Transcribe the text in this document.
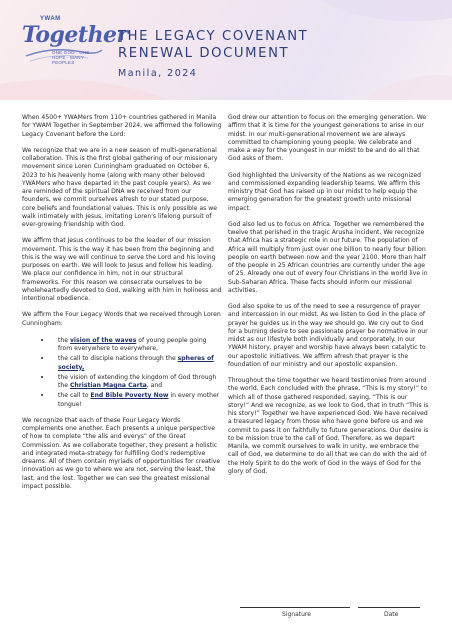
YWAM
Together
ONE GOD · ONE HOPE · MANY PEOPLES
THE LEGACY COVENANT
RENEWAL DOCUMENT

Manila, 2024

When 4500+ YWAMers from 110+ countries gathered in Manila for YWAM Together in September 2024, we affirmed the following Legacy Covenant before the Lord:

We recognize that we are in a new season of multi-generational collaboration. This is the first global gathering of our missionary movement since Loren Cunningham graduated on October 6, 2023 to his heavenly home (along with many other beloved YWAMers who have departed in the past couple years). As we are reminded of the spiritual DNA we received from our founders, we commit ourselves afresh to our stated purpose, core beliefs and foundational values. This is only possible as we walk intimately with Jesus, imitating Loren's lifelong pursuit of ever-growing friendship with God.

We affirm that Jesus continues to be the leader of our mission movement. This is the way it has been from the beginning and this is the way we will continue to serve the Lord and his loving purposes on earth. We will look to Jesus and follow his leading. We place our confidence in him, not in our structural frameworks. For this reason we consecrate ourselves to be wholeheartedly devoted to God, walking with him in holiness and intentional obedience.

We affirm the Four Legacy Words that we received through Loren Cunningham:

• the vision of the waves of young people going from everywhere to everywhere,
• the call to disciple nations through the spheres of society,
• the vision of extending the kingdom of God through the Christian Magna Carta, and
• the call to End Bible Poverty Now in every mother tongue!

We recognize that each of these Four Legacy Words complements one another. Each presents a unique perspective of how to complete “the alls and everys” of the Great Commission. As we collaborate together, they present a holistic and integrated meta-strategy for fulfilling God's redemptive dreams. All of them contain myriads of opportunities for creative innovation as we go to where we are not, serving the least, the last, and the lost. Together we can see the greatest missional impact possible.

God drew our attention to focus on the emerging generation. We affirm that it is time for the youngest generations to arise in our midst. In our multi-generational movement we are always committed to championing young people. We celebrate and make a way for the youngest in our midst to be and do all that God asks of them.

God highlighted the University of the Nations as we recognized and commissioned expanding leadership teams. We affirm this ministry that God has raised up in our midst to help equip the emerging generation for the greatest growth unto missional impact.

God also led us to focus on Africa. Together we remembered the twelve that perished in the tragic Arusha incident. We recognize that Africa has a strategic role in our future. The population of Africa will multiply from just over one billion to nearly four billion people on earth between now and the year 2100. More than half of the people in 25 African countries are currently under the age of 25. Already one out of every four Christians in the world live in Sub-Saharan Africa. These facts should inform our missional activities.

God also spoke to us of the need to see a resurgence of prayer and intercession in our midst. As we listen to God in the place of prayer he guides us in the way we should go. We cry out to God for a burning desire to see passionate prayer be normative in our midst as our lifestyle both individually and corporately. In our YWAM history, prayer and worship have always been catalytic to our apostolic initiatives. We affirm afresh that prayer is the foundation of our ministry and our apostolic expansion.

Throughout the time together we heard testimonies from around the world. Each concluded with the phrase, “This is my story!” to which all of those gathered responded, saying, “This is our story!” And we recognize, as we look to God, that in truth “This is his story!” Together we have experienced God. We have received a treasured legacy from those who have gone before us and we commit to pass it on faithfully to future generations. Our desire is to be mission true to the call of God. Therefore, as we depart Manila, we commit ourselves to walk in unity, we embrace the call of God, we determine to do all that we can do with the aid of the Holy Spirit to do the work of God in the ways of God for the glory of God.

Signature	Date
